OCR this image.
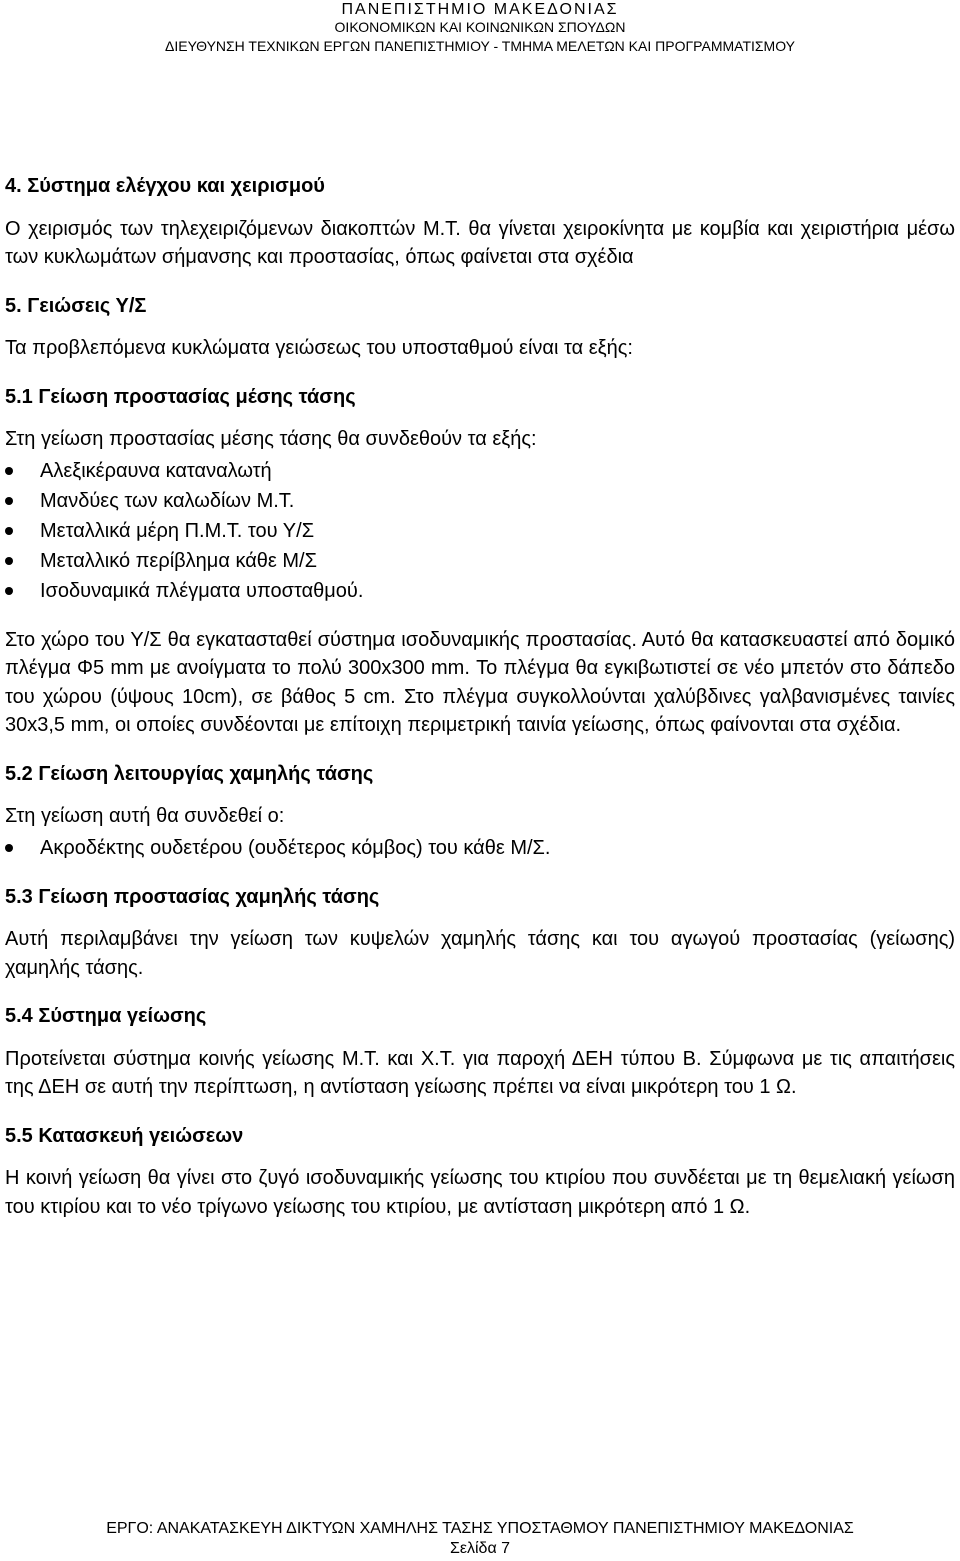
ΠΑΝΕΠΙΣΤΗΜΙΟ ΜΑΚΕΔΟΝΙΑΣ
ΟΙΚΟΝΟΜΙΚΩΝ ΚΑΙ ΚΟΙΝΩΝΙΚΩΝ ΣΠΟΥΔΩΝ
ΔΙΕΥΘΥΝΣΗ ΤΕΧΝΙΚΩΝ ΕΡΓΩΝ ΠΑΝΕΠΙΣΤΗΜΙΟΥ - ΤΜΗΜΑ ΜΕΛΕΤΩΝ ΚΑΙ ΠΡΟΓΡΑΜΜΑΤΙΣΜΟΥ

4. Σύστημα ελέγχου και χειρισμού

Ο χειρισμός των τηλεχειριζόμενων διακοπτών Μ.Τ. θα γίνεται χειροκίνητα με κομβία και χειριστήρια μέσω των κυκλωμάτων σήμανσης και προστασίας, όπως φαίνεται στα σχέδια

5. Γειώσεις Υ/Σ

Τα προβλεπόμενα κυκλώματα γειώσεως του υποσταθμού είναι τα εξής:

5.1 Γείωση προστασίας μέσης τάσης

Στη γείωση προστασίας μέσης τάσης θα συνδεθούν τα εξής:

Αλεξικέραυνα καταναλωτή
Μανδύες των καλωδίων Μ.Τ.
Μεταλλικά μέρη Π.Μ.Τ. του Υ/Σ
Μεταλλικό περίβλημα κάθε Μ/Σ
Ισοδυναμικά πλέγματα υποσταθμού.

Στο χώρο του Υ/Σ θα εγκατασταθεί σύστημα ισοδυναμικής προστασίας. Αυτό θα κατασκευαστεί από δομικό πλέγμα Φ5 mm με ανοίγματα το πολύ 300x300 mm. Το πλέγμα θα εγκιβωτιστεί σε νέο μπετόν στο δάπεδο του χώρου (ύψους 10cm), σε βάθος 5 cm. Στο πλέγμα συγκολλούνται χαλύβδινες γαλβανισμένες ταινίες 30x3,5 mm, οι οποίες συνδέονται με επίτοιχη περιμετρική ταινία γείωσης, όπως φαίνονται στα σχέδια.

5.2 Γείωση λειτουργίας χαμηλής τάσης

Στη γείωση αυτή θα συνδεθεί ο:

Ακροδέκτης ουδετέρου (ουδέτερος κόμβος) του κάθε Μ/Σ.

5.3 Γείωση προστασίας χαμηλής τάσης

Αυτή περιλαμβάνει την γείωση των κυψελών χαμηλής τάσης και του αγωγού προστασίας (γείωσης) χαμηλής τάσης.

5.4 Σύστημα γείωσης

Προτείνεται σύστημα κοινής γείωσης Μ.Τ. και Χ.Τ. για παροχή ΔΕΗ τύπου Β. Σύμφωνα με τις απαιτήσεις της ΔΕΗ σε αυτή την περίπτωση, η αντίσταση γείωσης πρέπει να είναι μικρότερη του 1 Ω.

5.5 Κατασκευή γειώσεων

Η κοινή γείωση θα γίνει στο ζυγό ισοδυναμικής γείωσης του κτιρίου που συνδέεται με τη θεμελιακή γείωση του κτιρίου και το νέο τρίγωνο γείωσης του κτιρίου, με αντίσταση μικρότερη από 1 Ω.

ΕΡΓΟ: ΑΝΑΚΑΤΑΣΚΕΥΗ ΔΙΚΤΥΩΝ ΧΑΜΗΛΗΣ ΤΑΣΗΣ ΥΠΟΣΤΑΘΜΟΥ ΠΑΝΕΠΙΣΤΗΜΙΟΥ ΜΑΚΕΔΟΝΙΑΣ
Σελίδα 7
